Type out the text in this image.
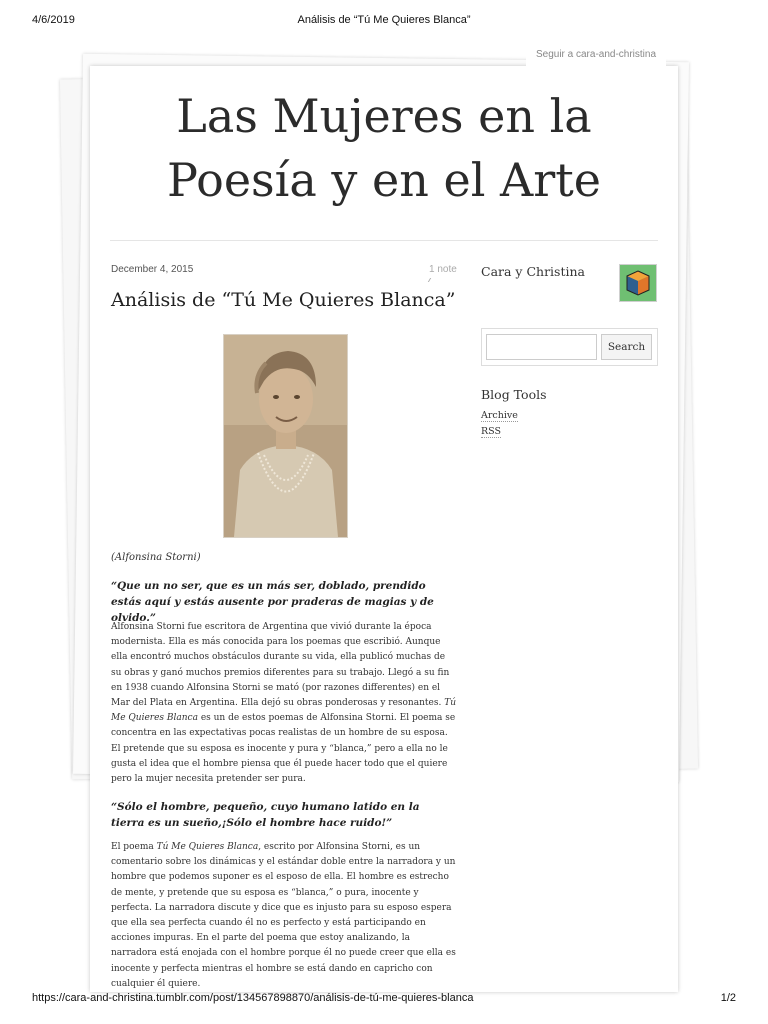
4/6/2019	Análisis de “Tú Me Quieres Blanca”
Seguir a cara-and-christina
Las Mujeres en la
Poesía y en el Arte
December 4, 2015	1 note
Análisis de “Tú Me Quieres Blanca”
(Alfonsina Storni)

“Que un no ser, que es un más ser, doblado, prendido estás aquí y estás ausente por praderas de magias y de olvido.”

Alfonsina Storni fue escritora de Argentina que vivió durante la época modernista. Ella es más conocida para los poemas que escribió. Aunque ella encontró muchos obstáculos durante su vida, ella publicó muchas de su obras y ganó muchos premios diferentes para su trabajo. Llegó a su fin en 1938 cuando Alfonsina Storni se mató (por razones differentes) en el Mar del Plata en Argentina. Ella dejó su obras ponderosas y resonantes. Tú Me Quieres Blanca es un de estos poemas de Alfonsina Storni. El poema se concentra en las expectativas pocas realistas de un hombre de su esposa. El pretende que su esposa es inocente y pura y “blanca,” pero a ella no le gusta el idea que el hombre piensa que él puede hacer todo que el quiere pero la mujer necesita pretender ser pura.

“Sólo el hombre, pequeño, cuyo humano latido en la tierra es un sueño,¡Sólo el hombre hace ruido!”

El poema Tú Me Quieres Blanca, escrito por Alfonsina Storni, es un comentario sobre los dinámicas y el estándar doble entre la narradora y un hombre que podemos suponer es el esposo de ella. El hombre es estrecho de mente, y pretende que su esposa es “blanca,” o pura, inocente y perfecta. La narradora discute y dice que es injusto para su esposo espera que ella sea perfecta cuando él no es perfecto y está participando en acciones impuras. En el parte del poema que estoy analizando, la narradora está enojada con el hombre porque él no puede creer que ella es inocente y perfecta mientras el hombre se está dando en capricho con cualquier él quiere.

Cara y Christina
Search
Blog Tools
Archive
RSS
https://cara-and-christina.tumblr.com/post/134567898870/análisis-de-tú-me-quieres-blanca	1/2
